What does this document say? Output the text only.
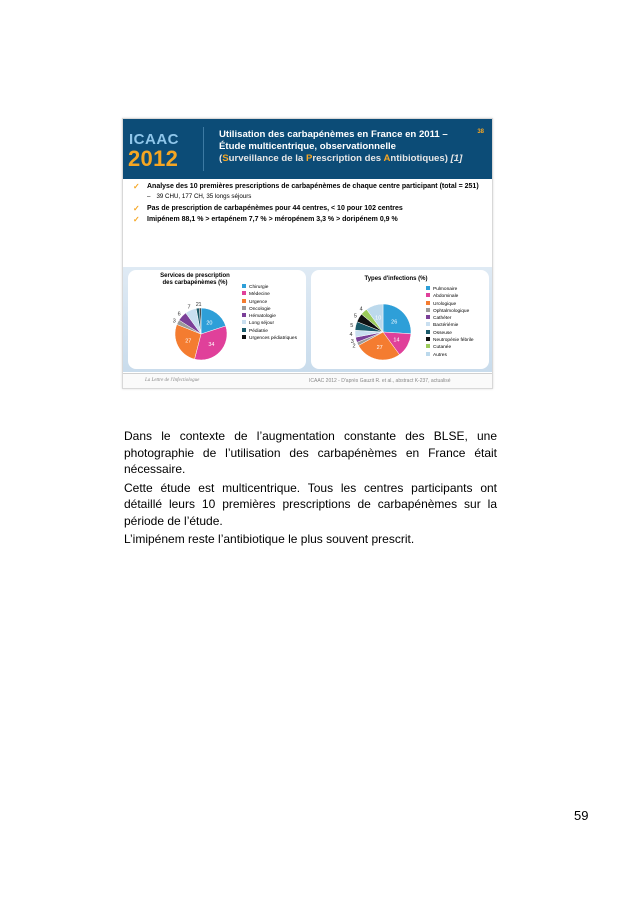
ICAAC
2012
Utilisation des carbapénèmes en France en 2011 –
Étude multicentrique, observationnelle
(Surveillance de la Prescription des Antibiotiques) [1]
38
✓ Analyse des 10 premières prescriptions de carbapénèmes de chaque centre participant (total = 251)
– 39 CHU, 177 CH, 35 longs séjours
✓ Pas de prescription de carbapénèmes pour 44 centres, < 10 pour 102 centres
✓ Imipénem 88,1 % > ertapénem 7,7 % > méropénem 3,3 % > doripénem 0,9 %
Services de prescription
des carbapénèmes (%)
20
34
27
3
6
7 2 1
Chirurgie
Médecine
Urgence
Oncologie
Hématologie
Long séjour
Pédiatrie
Urgences pédiatriques
Types d'infections (%)
26
14
27
2
3
4
5
5
4
10
Pulmonaire
Abdominale
Urologique
Ophtalmologique
Cathéter
Bactériémie
Osseuse
Neutropénie fébrile
Cutanée
Autres
La Lettre de l'Infectiologue	ICAAC 2012 - D'après Gauzit R. et al., abstract K-237, actualisé

Dans le contexte de l’augmentation constante des BLSE, une photographie de l’utilisation des carbapénèmes en France était nécessaire.

Cette étude est multicentrique. Tous les centres participants ont détaillé leurs 10 premières prescriptions de carbapénèmes sur la période de l’étude.

L’imipénem reste l’antibiotique le plus souvent prescrit.

59
